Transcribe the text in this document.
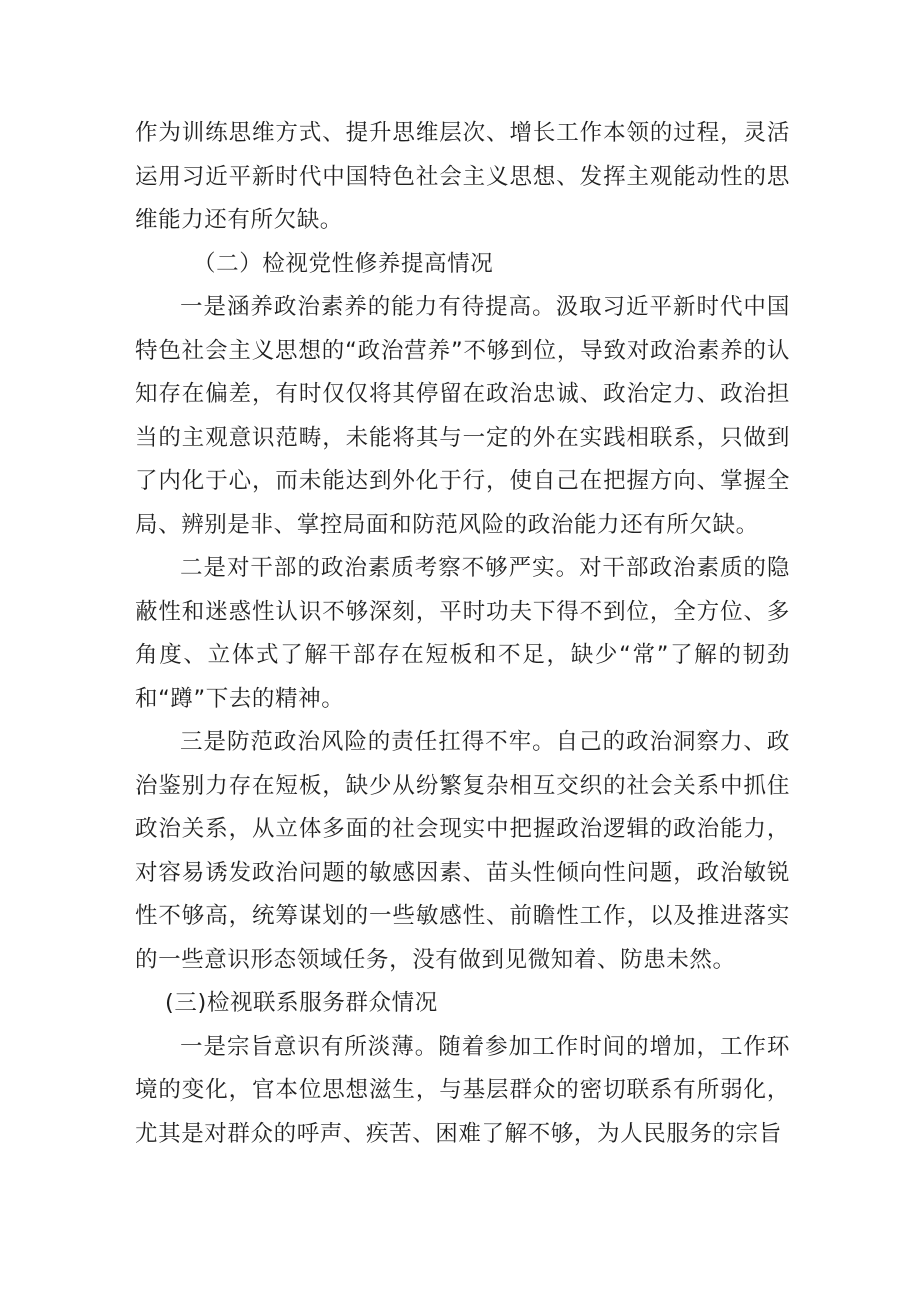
作为训练思维方式、提升思维层次、增长工作本领的过程，灵活运用习近平新时代中国特色社会主义思想、发挥主观能动性的思维能力还有所欠缺。

（二）检视党性修养提高情况

一是涵养政治素养的能力有待提高。汲取习近平新时代中国特色社会主义思想的“政治营养”不够到位，导致对政治素养的认知存在偏差，有时仅仅将其停留在政治忠诚、政治定力、政治担当的主观意识范畴，未能将其与一定的外在实践相联系，只做到了内化于心，而未能达到外化于行，使自己在把握方向、掌握全局、辨别是非、掌控局面和防范风险的政治能力还有所欠缺。

二是对干部的政治素质考察不够严实。对干部政治素质的隐蔽性和迷惑性认识不够深刻，平时功夫下得不到位，全方位、多角度、立体式了解干部存在短板和不足，缺少“常”了解的韧劲和“蹲”下去的精神。

三是防范政治风险的责任扛得不牢。自己的政治洞察力、政治鉴别力存在短板，缺少从纷繁复杂相互交织的社会关系中抓住政治关系，从立体多面的社会现实中把握政治逻辑的政治能力，对容易诱发政治问题的敏感因素、苗头性倾向性问题，政治敏锐性不够高，统筹谋划的一些敏感性、前瞻性工作，以及推进落实的一些意识形态领域任务，没有做到见微知着、防患未然。

(三)检视联系服务群众情况

一是宗旨意识有所淡薄。随着参加工作时间的增加，工作环境的变化，官本位思想滋生，与基层群众的密切联系有所弱化，尤其是对群众的呼声、疾苦、困难了解不够，为人民服务的宗旨
